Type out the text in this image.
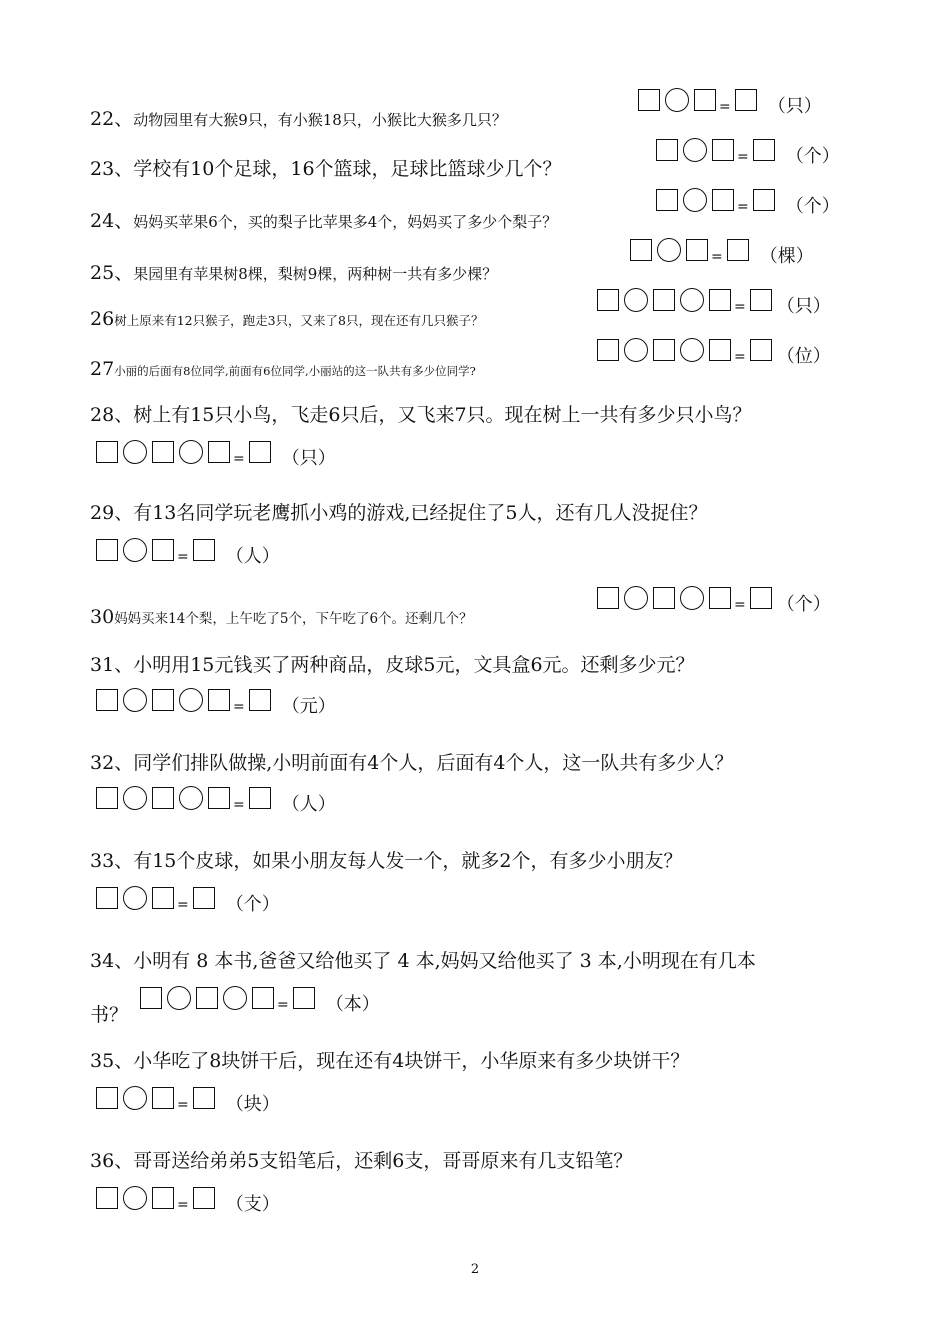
22、动物园里有大猴9只，有小猴18只，小猴比大猴多几只？
= （只）
23、学校有10个足球，16个篮球，足球比篮球少几个？
= （个）
24、妈妈买苹果6个，买的梨子比苹果多4个，妈妈买了多少个梨子？
= （个）
25、果园里有苹果树8棵，梨树9棵，两种树一共有多少棵？
= （棵）
26树上原来有12只猴子，跑走3只，又来了8只，现在还有几只猴子？
= （只）
27小丽的后面有8位同学,前面有6位同学,小丽站的这一队共有多少位同学?
= （位）
28、树上有15只小鸟，飞走6只后，又飞来7只。现在树上一共有多少只小鸟？
= （只）
29、有13名同学玩老鹰抓小鸡的游戏,已经捉住了5人，还有几人没捉住？
= （人）
30妈妈买来14个梨，上午吃了5个，下午吃了6个。还剩几个？
= （个）
31、小明用15元钱买了两种商品，皮球5元，文具盒6元。还剩多少元？
= （元）
32、同学们排队做操,小明前面有4个人，后面有4个人，这一队共有多少人？
= （人）
33、有15个皮球，如果小朋友每人发一个，就多2个，有多少小朋友？
= （个）
34、小明有 8 本书,爸爸又给他买了 4 本,妈妈又给他买了 3 本,小明现在有几本
书？	= （本）
35、小华吃了8块饼干后，现在还有4块饼干，小华原来有多少块饼干？
= （块）
36、哥哥送给弟弟5支铅笔后，还剩6支，哥哥原来有几支铅笔？
= （支）
2
